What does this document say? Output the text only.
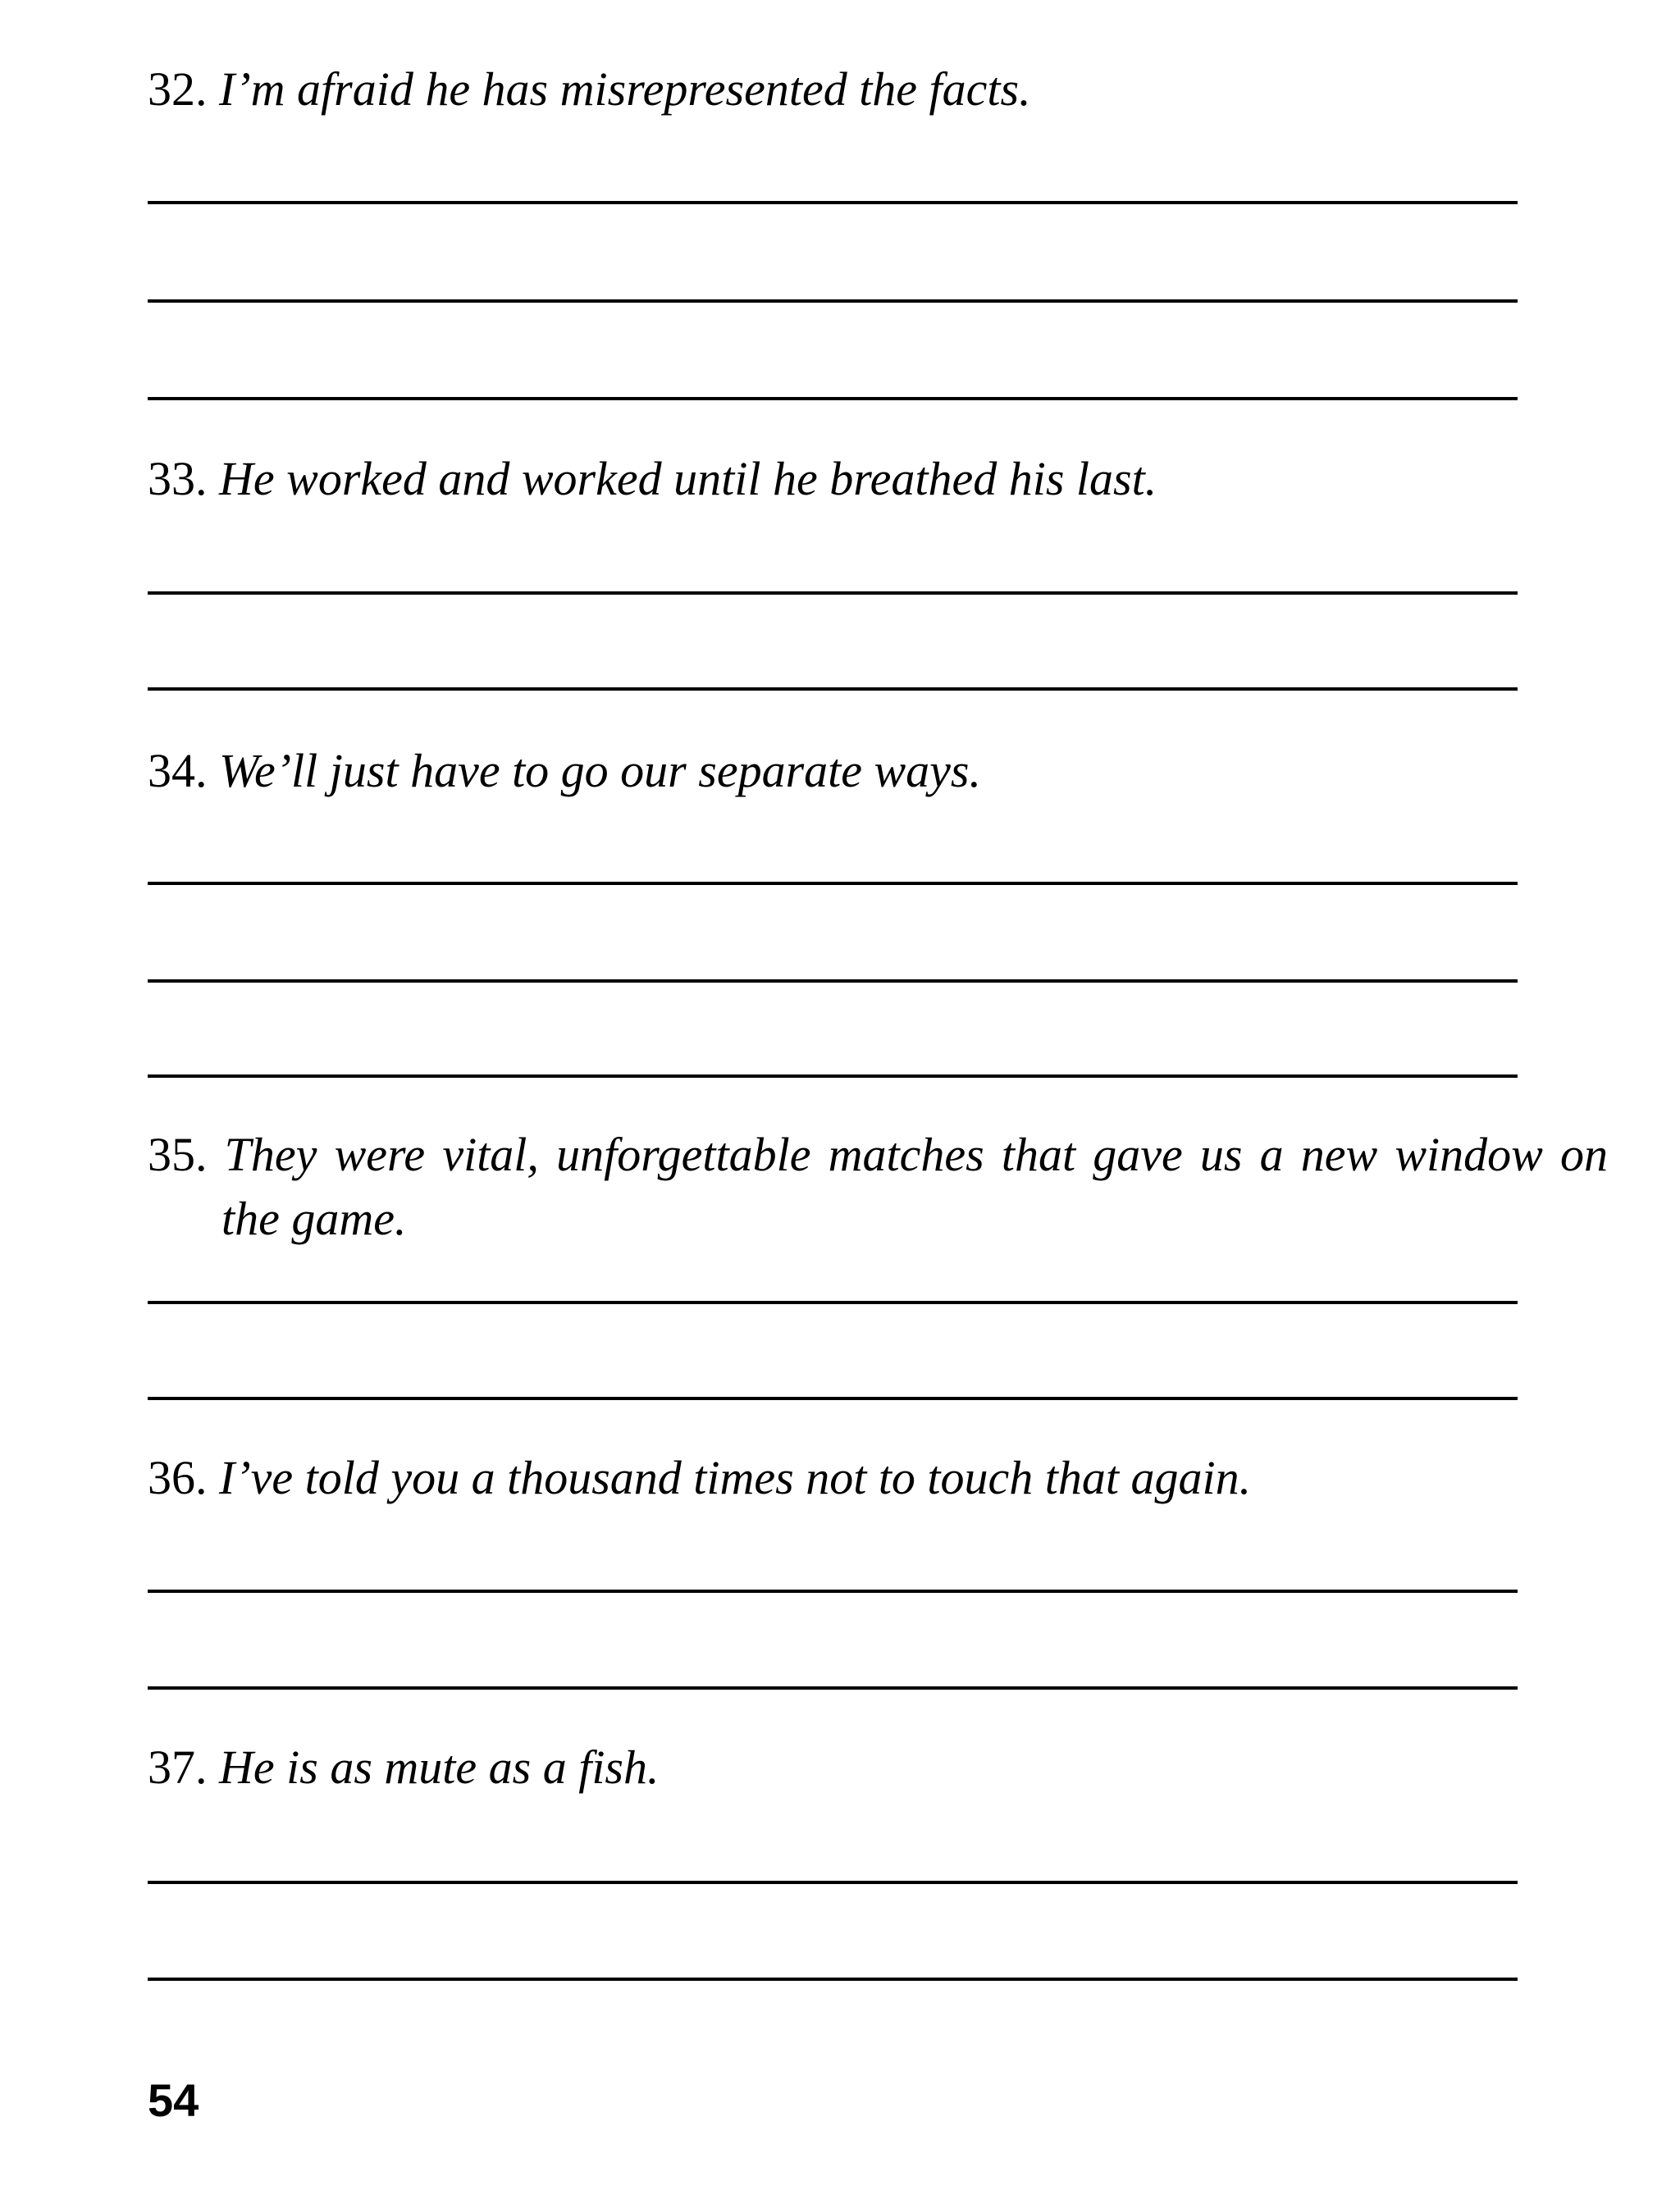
32. I’m afraid he has misrepresented the facts.
33. He worked and worked until he breathed his last.
34. We’ll just have to go our separate ways.
35. They were vital, unforgettable matches that gave us a new window on the game.
36. I’ve told you a thousand times not to touch that again.
37. He is as mute as a fish.
54
